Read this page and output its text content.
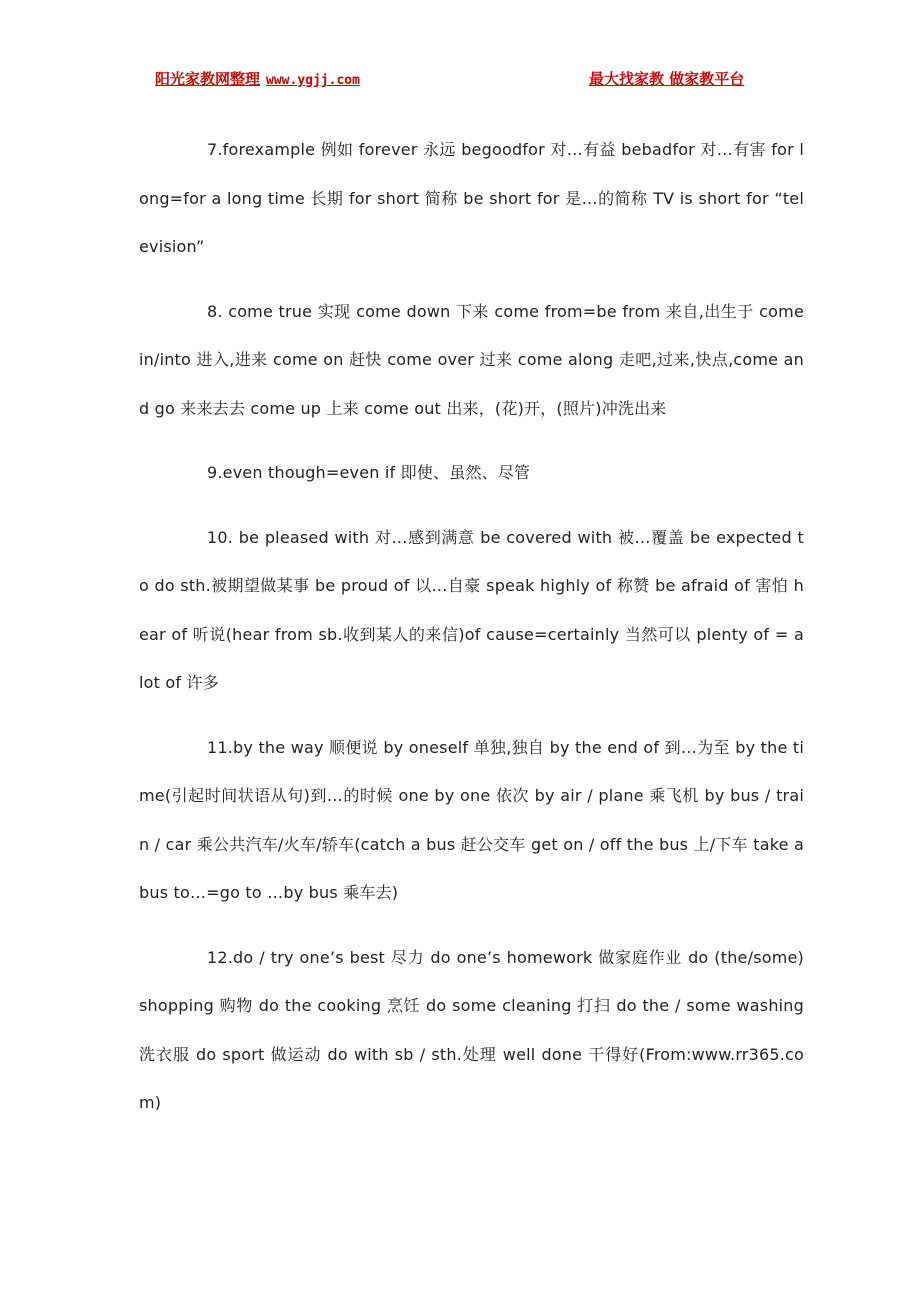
阳光家教网整理 www.ygjj.com	最大找家教 做家教平台

7.forexample 例如 forever 永远 begoodfor 对…有益 bebadfor 对…有害 for long=for a long time 长期 for short 简称 be short for 是…的简称 TV is short for “television”

8. come true 实现 come down 下来 come from=be from 来自,出生于 come in/into 进入,进来 come on 赶快 come over 过来 come along 走吧,过来,快点,come and go 来来去去 come up 上来 come out 出来，(花)开，(照片)冲洗出来

9.even though=even if 即使、虽然、尽管

10. be pleased with 对…感到满意 be covered with 被…覆盖 be expected to do sth.被期望做某事 be proud of 以…自豪 speak highly of 称赞 be afraid of 害怕 hear of 听说(hear from sb.收到某人的来信)of cause=certainly 当然可以 plenty of = a lot of 许多

11.by the way 顺便说 by oneself 单独,独自 by the end of 到…为至 by the time(引起时间状语从句)到…的时候 one by one 依次 by air / plane 乘飞机 by bus / train / car 乘公共汽车/火车/轿车(catch a bus 赶公交车 get on / off the bus 上/下车 take a bus to…=go to …by bus 乘车去)

12.do / try one’s best 尽力 do one’s homework 做家庭作业 do (the/some) shopping 购物 do the cooking 烹饪 do some cleaning 打扫 do the / some washing 洗衣服 do sport 做运动 do with sb / sth.处理 well done 干得好(From:www.rr365.com)
